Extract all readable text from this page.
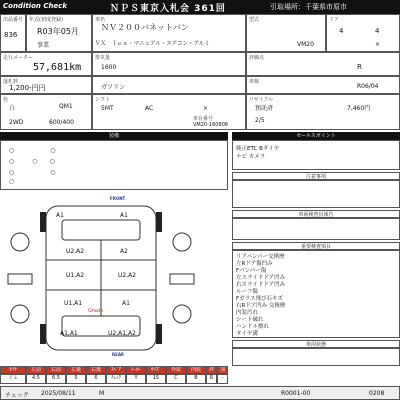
Condition Check	ＮＰＳ東京入札会 361回	引取場所：千葉県市原市
出品番号
836
年式(初度登録)
R03年05月
事業
車名
ＮＶ２００バネットバン
ＶＸ　ｌｅｘ・マニュアル・エアコン・アルミ
型式
VM20
ドア
4	4
×
走行メーター
57,681km
排気量
1600
評価点
R
落札料
1,200-円円	ガソリン
車検
R06/04
色
白	QM1
2WD	600/400
シフト
5MT	AC	×
車台番号
VM20-160808
リサイクル
預託済	7,460円
2/5
装備
○　　　　　　○
○　　　○　　○
○　　　　　　○
○
セールスポイント
純正ETC Bタイヤ
ナビ カメラ
注意事項
車両検査員報告
重要検査項目
リアバンパー交換歴
左Rドア傷凹み
Fバンパー傷
左スライドドア凹み
右スライドドア凹み
ルーフ傷
Fガラス飛び石キズ
右Rドア凹み 交換歴
内装汚れ
シート破れ
ハンドル擦れ
タイヤ溝
車両状態
FRONT
REAR
A1	A1
U2,A2	A2
U1,A2	U2,A2
U1,A1	A1
A1,A1	U2,A1,A2
Grade
ﾀｲﾔ	左前	右前	左後	右後	ｽﾍﾟｱ	ﾒｰｶｰ	ｻｲｽﾞ	外装	内装	評	加
ｺﾞﾑ	4.5	6.5	5	6	ﾁｪｯｸ	Y	15	C	B	R	-
チェック 2025/08/11	M	R0001-00	0208
